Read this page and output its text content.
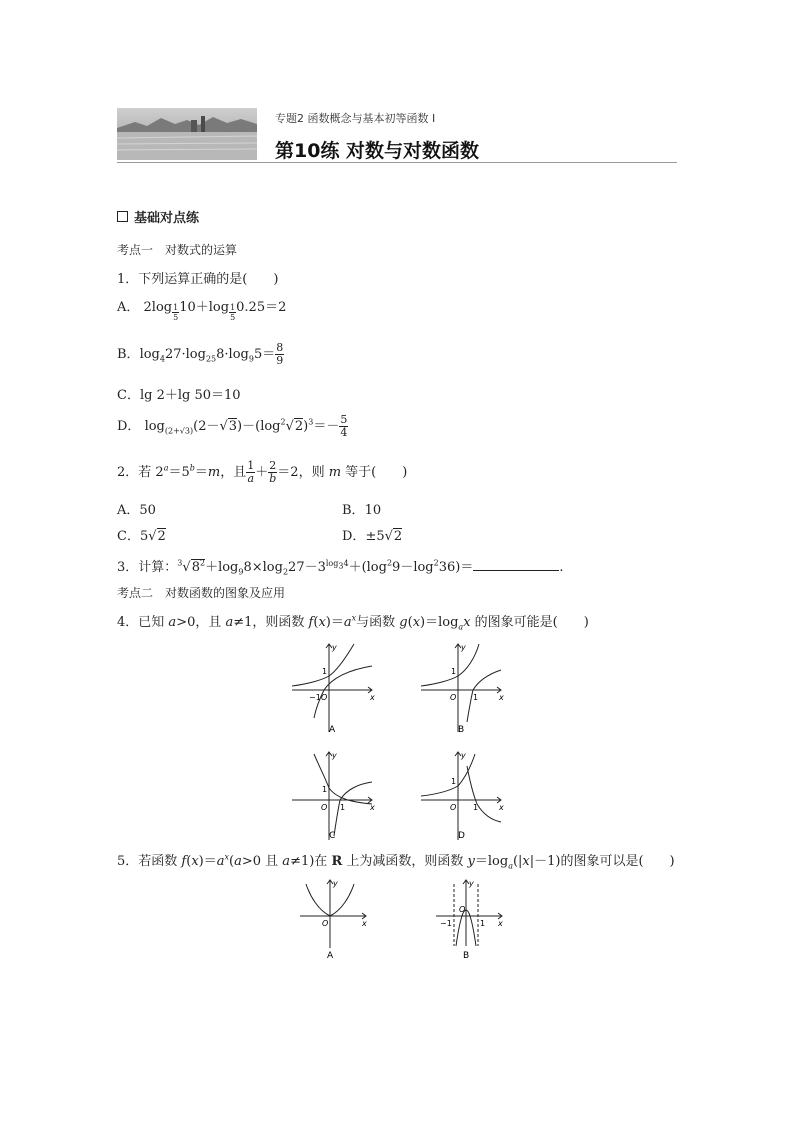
专题2 函数概念与基本初等函数 I
第10练 对数与对数函数
基础对点练
考点一　对数式的运算
1．下列运算正确的是(　　)
A． $2\log \frac{1}{5} 10+\log \frac{1}{5} 0.25=2$
B．$\log_427\cdot\log_{25}8\cdot\log_95= \frac{8}{9}$
C．lg 2＋lg 50＝10
D． $\log_{(2+√3)}(2-√3)-(\log^2√2)^3=- \frac{5}{4}$
2．若 $2^a=5^b=m$，且 $\frac{1}{a} + \frac{2}{b} =2$，则 m 等于(　　)
A．50	B．10
C．5√2	D．±5√2
3．计算：$^3√8^2+\log_98\times\log_227-3^{log_34}+(\log^29-\log^236)=$	.
考点二　对数函数的图象及应用
4．已知 a>0，且 a≠1，则函数 $f(x)=a^x$与函数 $g(x)=\log_ax$ 的图象可能是(　　)
y
x
1
−1 O
A
y
x
1
1
O
B
y
x
1
1
O
C
y
x
1
1
O
D
5．若函数 $f(x)=a^x(a>0$ 且 a≠1)在 R 上为减函数，则函数 $y=\log_a(|x|-1)$的图象可以是(　　)
y
x
O
A
y
x
O
−1	1
B
